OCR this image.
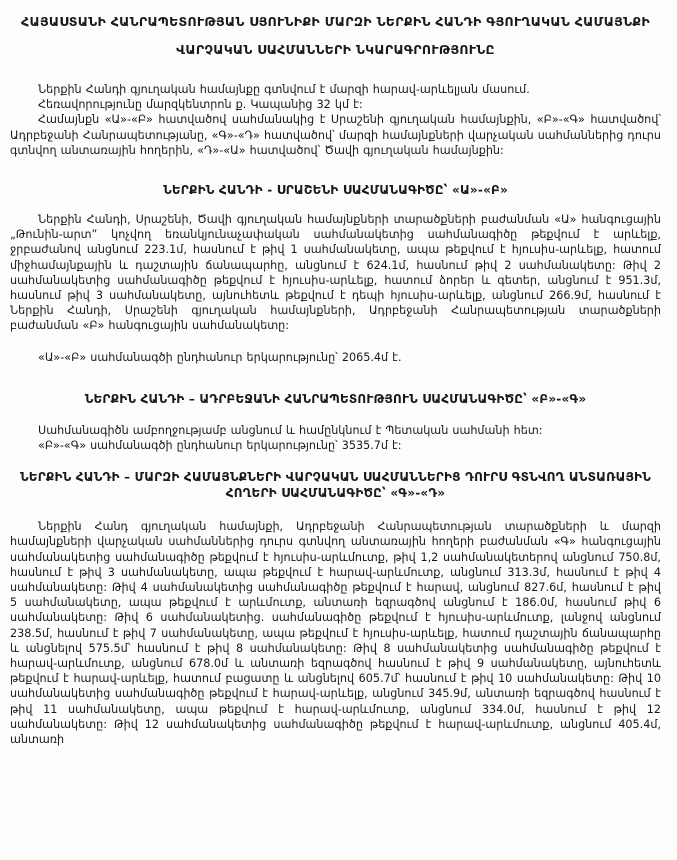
ՀԱՅԱՍՏԱՆԻ ՀԱՆՐԱՊԵՏՈՒԹՅԱՆ ՍՅՈՒՆԻՔԻ ՄԱՐԶԻ ՆԵՐՔԻՆ ՀԱՆԴԻ ԳՅՈՒՂԱԿԱՆ ՀԱՄԱՅՆՔԻ

ՎԱՐՉԱԿԱՆ ՍԱՀՄԱՆՆԵՐԻ ՆԿԱՐԱԳՐՈՒԹՅՈՒՆԸ

Ներքին Հանդի գյուղական համայնքը գտնվում է մարզի հարավ-արևելյան մասում.

Հեռավորությունը մարզկենտրոն ք. Կապանից 32 կմ է:

Համայնքն «Ա»-«Բ» հատվածով սահմանակից է Սրաշենի գյուղական համայնքին, «Բ»-«Գ» հատվածով՝ Ադրբեջանի Հանրապետությանը, «Գ»-«Դ» հատվածով՝ մարզի համայնքների վարչական սահմաններից դուրս գտնվող անտառային հողերին, «Դ»-«Ա» հատվածով՝ Ծավի գյուղական համայնքին:

ՆԵՐՔԻՆ ՀԱՆԴԻ - ՍՐԱՇԵՆԻ ՍԱՀՄԱՆԱԳԻԾԸ՝ «Ա»-«Բ»

Ներքին Հանդի, Սրաշենի, Ծավի գյուղական համայնքների տարածքների բաժանման «Ա» հանգուցային „Թունին-արտ” կոչվող եռանկյունաչափական սահմանակետից սահմանագիծը թեքվում է արևելք, ջրբաժանով անցնում 223.1մ, հասնում է թիվ 1 սահմանակետը, ապա թեքվում է հյուսիս-արևելք, հատում միջհամայնքային և դաշտային ճանապարհը, անցնում է 624.1մ, հասնում թիվ 2 սահմանակետը: Թիվ 2 սահմանակետից սահմանագիծը թեքվում է հյուսիս-արևելք, հատում ձորեր և գետեր, անցնում է 951.3մ, հասնում թիվ 3 սահմանակետը, այնուհետև թեքվում է դեպի հյուսիս-արևելք, անցնում 266.9մ, հասնում է Ներքին Հանդի, Սրաշենի գյուղական համայնքների, Ադրբեջանի Հանրապետության տարածքների բաժանման «Բ» հանգուցային սահմանակետը:

«Ա»-«Բ» սահմանագծի ընդհանուր երկարությունը՝ 2065.4մ է.

ՆԵՐՔԻՆ ՀԱՆԴԻ – ԱԴՐԲԵՋԱՆԻ ՀԱՆՐԱՊԵՏՈՒԹՅՈՒՆ ՍԱՀՄԱՆԱԳԻԾԸ՝ «Բ»-«Գ»

Սահմանագիծն ամբողջությամբ անցնում և համընկնում է Պետական սահմանի հետ:

«Բ»-«Գ» սահմանագծի ընդհանուր երկարությունը՝ 3535.7մ է:

ՆԵՐՔԻՆ ՀԱՆԴԻ – ՄԱՐԶԻ ՀԱՄԱՅՆՔՆԵՐԻ ՎԱՐՉԱԿԱՆ ՍԱՀՄԱՆՆԵՐԻՑ ԴՈՒՐՍ ԳՏՆՎՈՂ ԱՆՏԱՌԱՅԻՆ ՀՈՂԵՐԻ ՍԱՀՄԱՆԱԳԻԾԸ՝ «Գ»-«Դ»

Ներքին Հանդ գյուղական համայնքի, Ադրբեջանի Հանրապետության տարածքների և մարզի համայնքների վարչական սահմաններից դուրս գտնվող անտառային հողերի բաժանման «Գ» հանգուցային սահմանակետից սահմանագիծը թեքվում է հյուսիս-արևմուտք, թիվ 1,2 սահմանակետերով անցնում 750.8մ, հասնում է թիվ 3 սահմանակետը, ապա թեքվում է հարավ-արևմուտք, անցնում 313.3մ, հասնում է թիվ 4 սահմանակետը: Թիվ 4 սահմանակետից սահմանագիծը թեքվում է հարավ, անցնում 827.6մ, հասնում է թիվ 5 սահմանակետը, ապա թեքվում է արևմուտք, անտառի եզրագծով անցնում է 186.0մ, հասնում թիվ 6 սահմանակետը: Թիվ 6 սահմանակետից. սահմանագիծը թեքվում է հյուսիս-արևմուտք, լանջով անցնում 238.5մ, հասնում է թիվ 7 սահմանակետը, ապա թեքվում է հյուսիս-արևելք, հատում դաշտային ճանապարհը և անցնելով 575.5մ՝ հասնում է թիվ 8 սահմանակետը: Թիվ 8 սահմանակետից սահմանագիծը թեքվում է հարավ-արևմուտք, անցնում 678.0մ և անտառի եզրագծով հասնում է թիվ 9 սահմանակետը, այնուհետև թեքվում է հարավ-արևելք, հատում բացատը և անցնելով 605.7մ՝ հասնում է թիվ 10 սահմանակետը: Թիվ 10 սահմանակետից սահմանագիծը թեքվում է հարավ-արևելք, անցնում 345.9մ, անտառի եզրագծով հասնում է թիվ 11 սահմանակետը, ապա թեքվում է հարավ-արևմուտք, անցնում 334.0մ, հասնում է թիվ 12 սահմանակետը: Թիվ 12 սահմանակետից սահմանագիծը թեքվում է հարավ-արևմուտք, անցնում 405.4մ, անտառի
